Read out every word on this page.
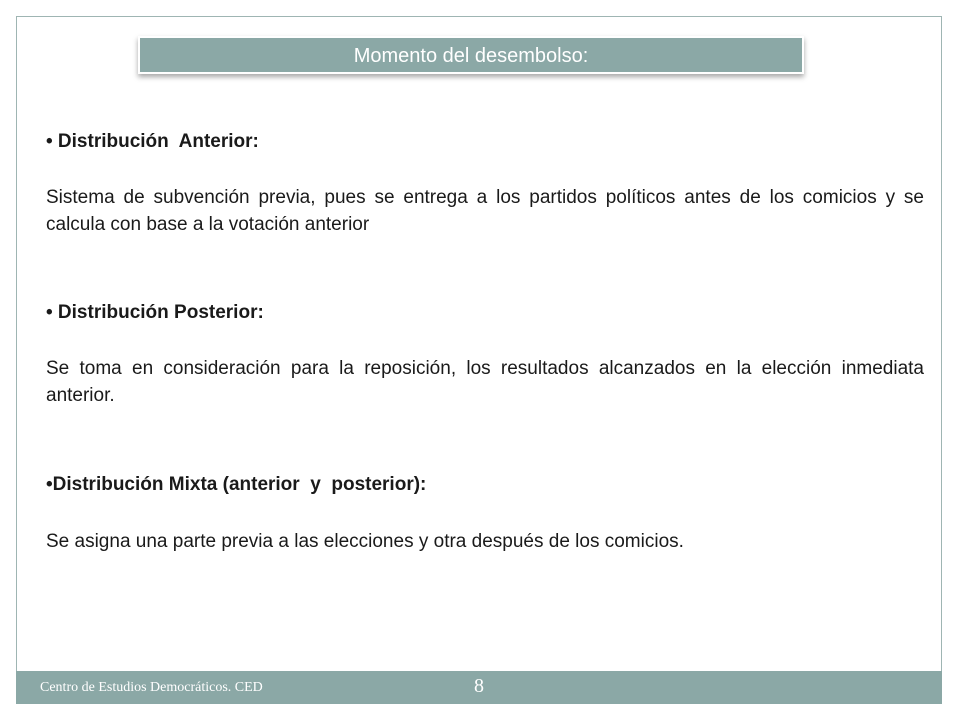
Momento del desembolso:

• Distribución  Anterior:

Sistema de subvención previa, pues se entrega a los partidos políticos antes de los comicios y se calcula con base a la votación anterior

• Distribución Posterior:

Se toma en consideración para la reposición, los resultados alcanzados en la elección inmediata anterior.

•Distribución Mixta (anterior  y  posterior):

Se asigna una parte previa a las elecciones y otra después de los comicios.

Centro de Estudios Democráticos. CED	8
